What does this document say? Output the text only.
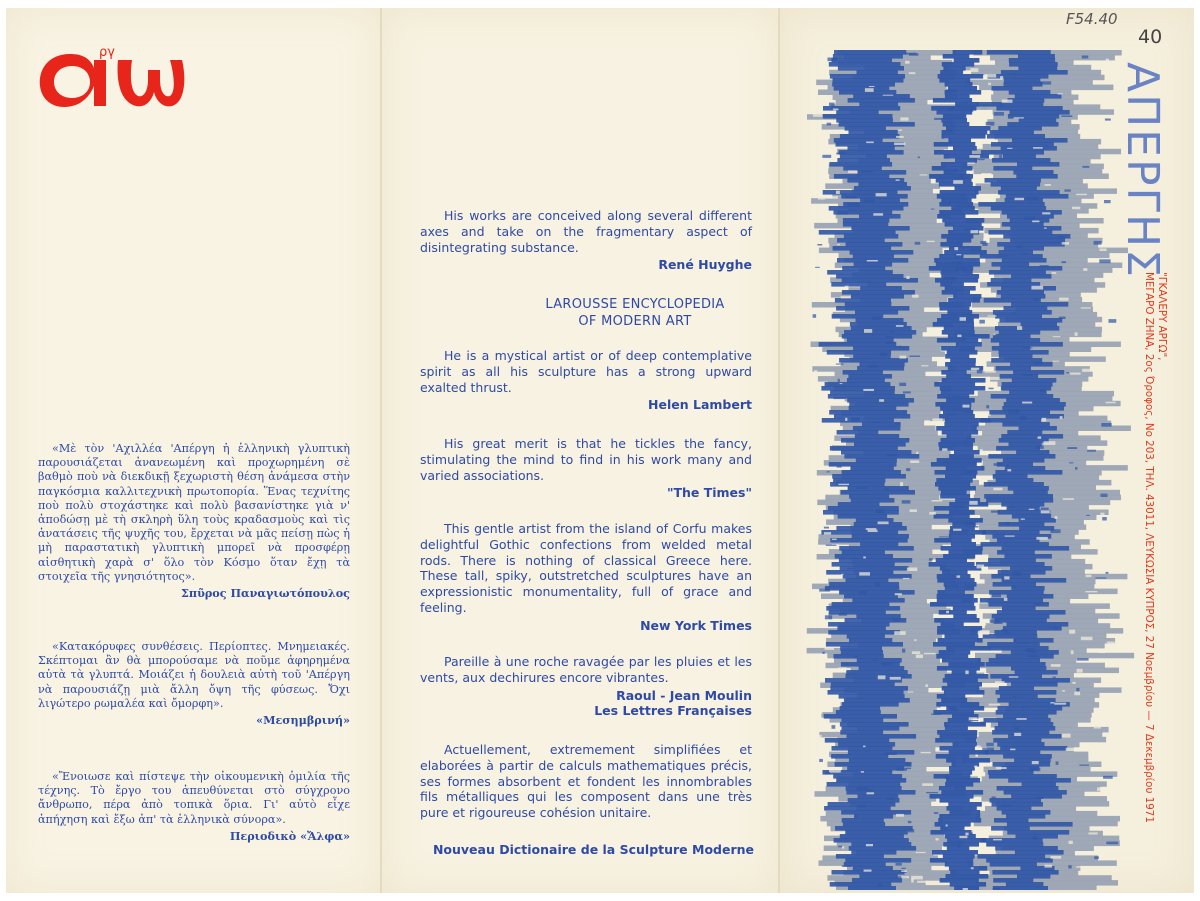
ργ

«Μὲ τὸν 'Αχιλλέα 'Απέργη ἡ ἑλληνικὴ γλυπτικὴ παρουσιάζεται ἀνανεωμένη καὶ προχωρημένη σὲ βαθμὸ ποὺ νὰ διεκδικῇ ξεχωριστὴ θέση ἀνάμεσα στὴν παγκόσμια καλλιτεχνικὴ πρωτοπορία. Ἕνας τεχνίτης ποὺ πολὺ στοχάστηκε καὶ πολὺ βασανίστηκε γιὰ ν' ἀποδώσῃ μὲ τὴ σκληρὴ ὕλη τοὺς κραδασμοὺς καὶ τὶς ἀνατάσεις τῆς ψυχῆς του, ἔρχεται νὰ μᾶς πείσῃ πὼς ἡ μὴ παραστατικὴ γλυπτικὴ μπορεῖ νὰ προσφέρῃ αἰσθητικὴ χαρὰ σ' ὅλο τὸν Κόσμο ὅταν ἔχῃ τὰ στοιχεῖα τῆς γνησιότητος».

Σπῦρος Παναγιωτόπουλος

«Κατακόρυφες συνθέσεις. Περίοπτες. Μνημειακές. Σκέπτομαι ἂν θὰ μπορούσαμε νὰ ποῦμε ἀφηρημένα αὐτὰ τὰ γλυπτά. Μοιάζει ἡ δουλειὰ αὐτὴ τοῦ 'Απέργη νὰ παρουσιάζῃ μιὰ ἄλλη ὄψη τῆς φύσεως. Ὄχι λιγώτερο ρωμαλέα καὶ ὄμορφη».

«Μεσημβρινή»

«Ἔνοιωσε καὶ πίστεψε τὴν οἰκουμενικὴ ὁμιλία τῆς τέχνης. Τὸ ἔργο του ἀπευθύνεται στὸ σύγχρονο ἄνθρωπο, πέρα ἀπὸ τοπικὰ ὅρια. Γι' αὐτὸ εἶχε ἀπήχηση καὶ ἔξω ἀπ' τὰ ἑλληνικὰ σύνορα».

Περιοδικὸ «Ἄλφα»

His works are conceived along several different axes and take on the fragmentary aspect of disintegrating substance.

René Huyghe

LAROUSSE ENCYCLOPEDIA

OF MODERN ART

He is a mystical artist or of deep contemplative spirit as all his sculpture has a strong upward exalted thrust.

Helen Lambert

His great merit is that he tickles the fancy, stimulating the mind to find in his work many and varied associations.

"The Times"

This gentle artist from the island of Corfu makes delightful Gothic confections from welded metal rods. There is nothing of classical Greece here. These tall, spiky, outstretched sculptures have an expressionistic monumentality, full of grace and feeling.

New York Times

Pareille à une roche ravagée par les pluies et les vents, aux dechirures encore vibrantes.

Raoul - Jean Moulin

Les Lettres Françaises

Actuellement, extremement simplifiées et elaborées à partir de calculs mathematiques précis, ses formes absorbent et fondent les innombrables fils métalliques qui les composent dans une très pure et rigoureuse cohésion unitaire.

Nouveau Dictionaire de la Sculpture Moderne
ΑΠΕΡΓΗΣ
"ΓΚΑΛΕΡΥ ΑΡΓΩ",
ΜΕΓΑΡΟ ΖΗΝΑ, 2ος Όροφος, Νο 203, ΤΗΛ. 43011, ΛΕΥΚΩΣΙΑ ΚΥΠΡΟΣ, 27 Νοεμβρίου — 7 Δεκεμβρίου 1971
F54.40
40
